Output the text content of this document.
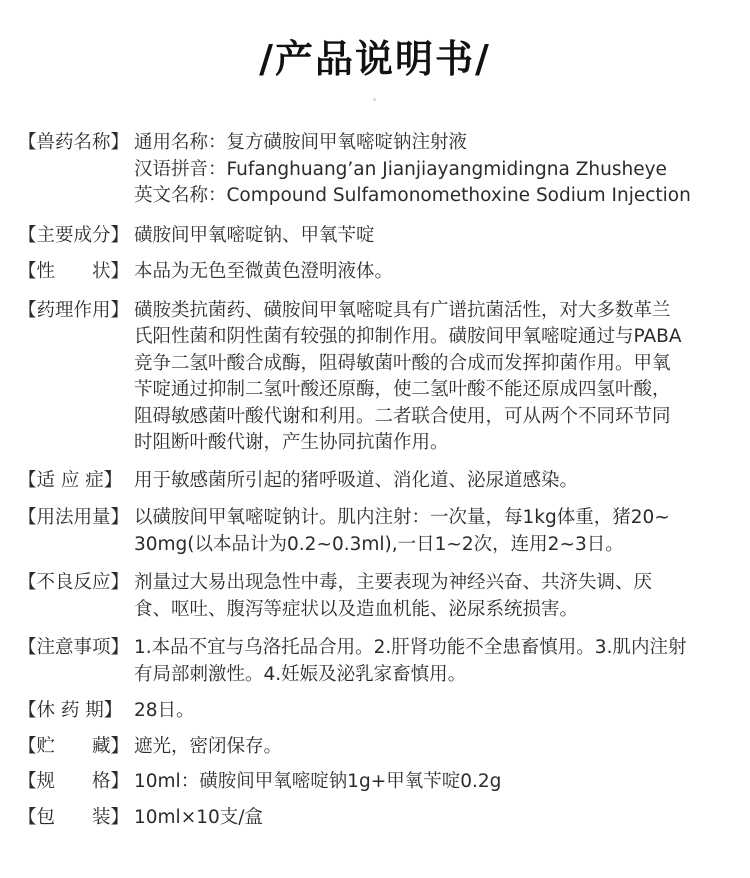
/产品说明书/
【兽药名称】 通用名称：复方磺胺间甲氧嘧啶钠注射液
汉语拼音：Fufanghuang’an Jianjiayangmidingna Zhusheye
英文名称：Compound Sulfamonomethoxine Sodium Injection
【主要成分】 磺胺间甲氧嘧啶钠、甲氧苄啶
【性　　状】 本品为无色至微黄色澄明液体。
【药理作用】 磺胺类抗菌药、磺胺间甲氧嘧啶具有广谱抗菌活性，对大多数革兰
氏阳性菌和阴性菌有较强的抑制作用。磺胺间甲氧嘧啶通过与PABA
竞争二氢叶酸合成酶，阻碍敏菌叶酸的合成而发挥抑菌作用。甲氧
苄啶通过抑制二氢叶酸还原酶，使二氢叶酸不能还原成四氢叶酸，
阻碍敏感菌叶酸代谢和利用。二者联合使用，可从两个不同环节同
时阻断叶酸代谢，产生协同抗菌作用。
【适 应 症】 用于敏感菌所引起的猪呼吸道、消化道、泌尿道感染。
【用法用量】 以磺胺间甲氧嘧啶钠计。肌内注射：一次量，每1kg体重，猪20~
30mg(以本品计为0.2~0.3ml),一日1~2次，连用2~3日。
【不良反应】 剂量过大易出现急性中毒，主要表现为神经兴奋、共济失调、厌
食、呕吐、腹泻等症状以及造血机能、泌尿系统损害。
【注意事项】 1.本品不宜与乌洛托品合用。2.肝肾功能不全患畜慎用。3.肌内注射
有局部刺激性。4.妊娠及泌乳家畜慎用。
【休 药 期】 28日。
【贮　　藏】 遮光，密闭保存。
【规　　格】 10ml：磺胺间甲氧嘧啶钠1g+甲氧苄啶0.2g
【包　　装】 10ml×10支/盒
